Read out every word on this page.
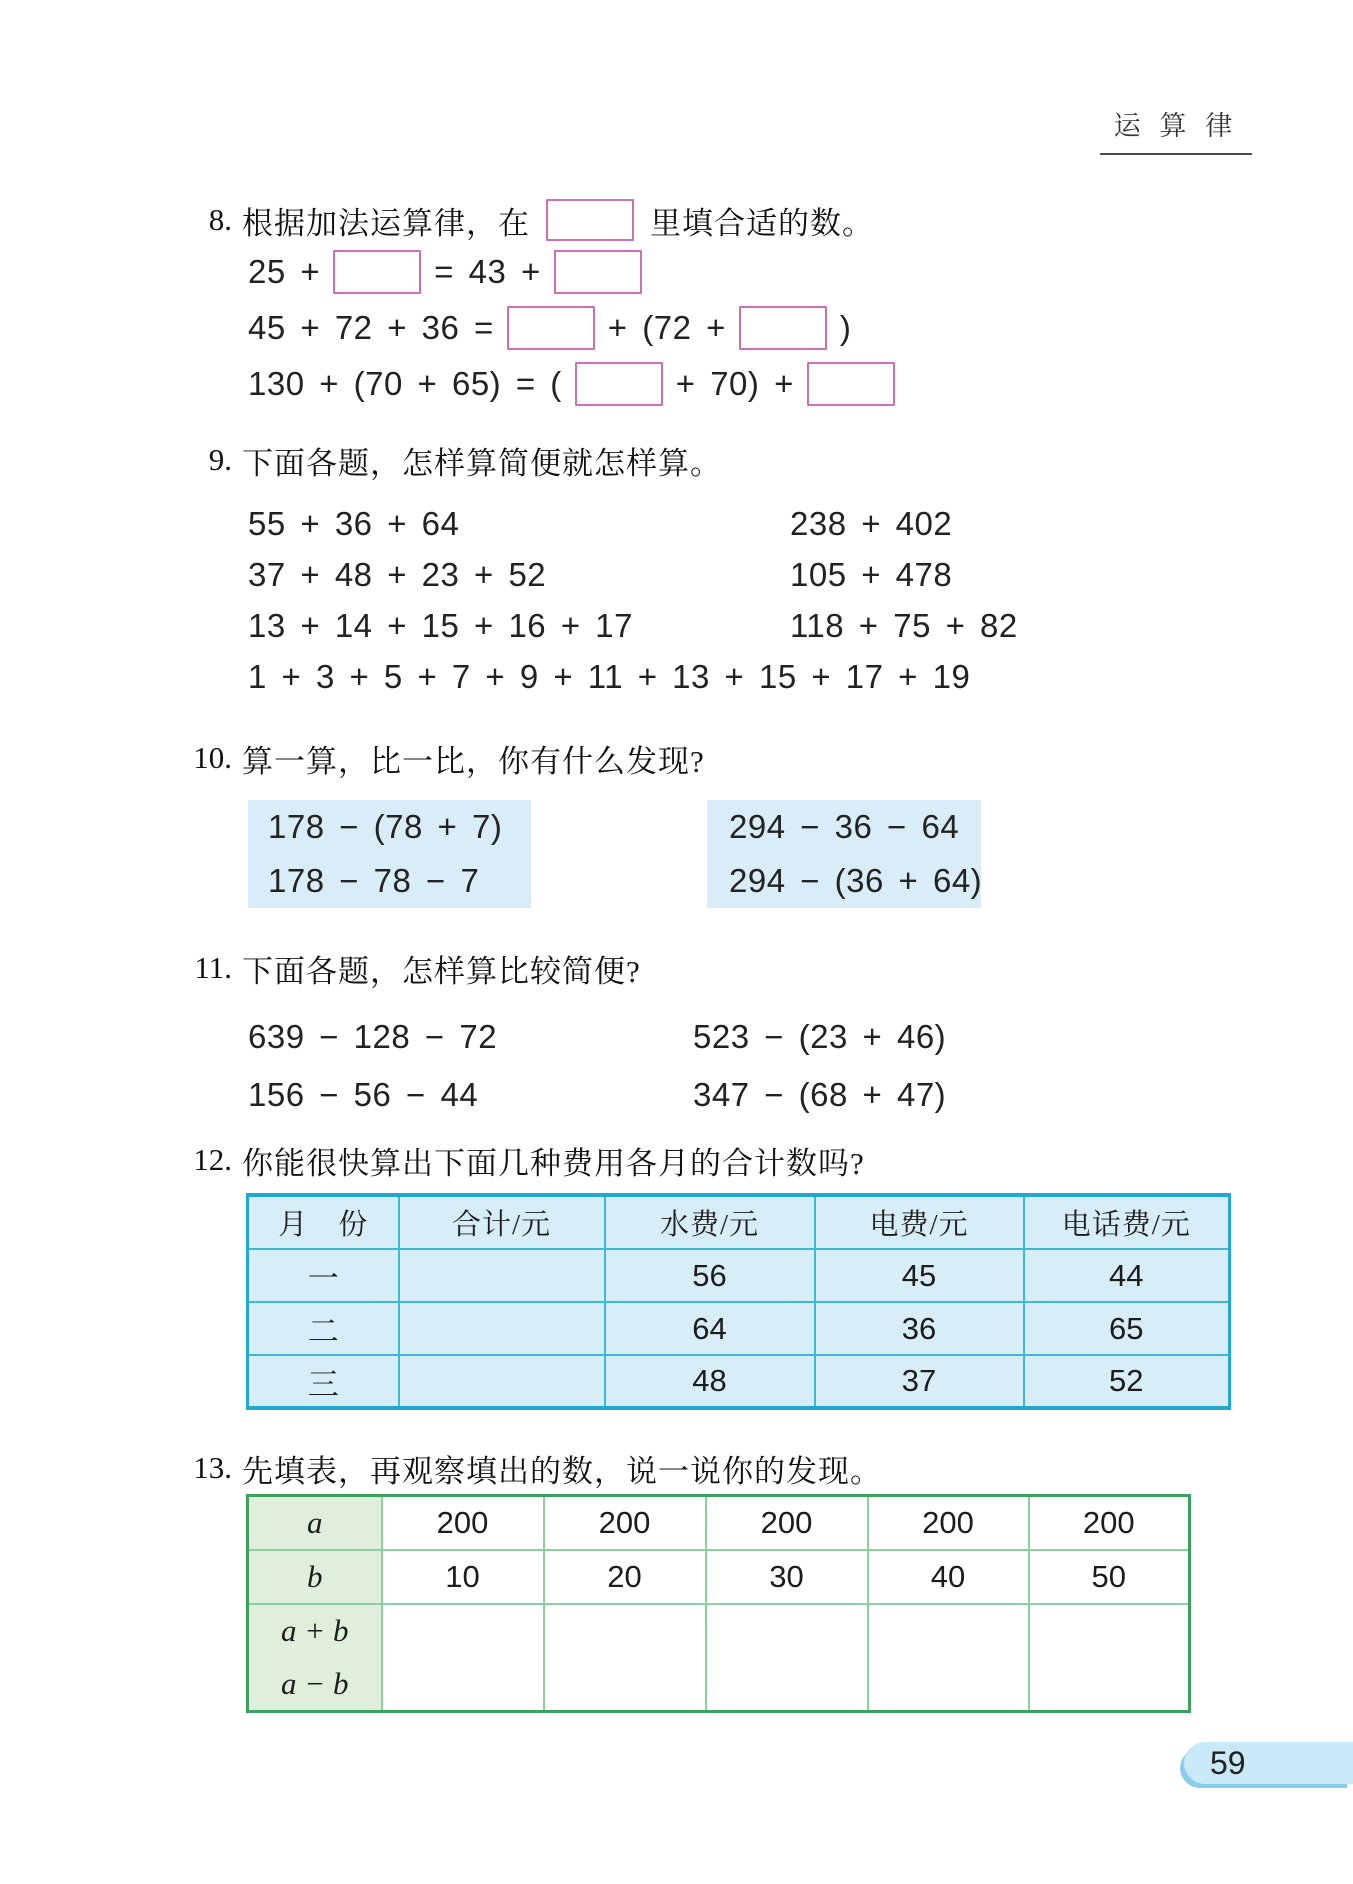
运 算 律
8. 根据加法运算律，在	里填合适的数。
25 +	= 43 +
45 + 72 + 36 =	+ (72 +	)
130 + (70 + 65) = (	+ 70) +
9. 下面各题，怎样算简便就怎样算。
55 + 36 + 64	238 + 402
37 + 48 + 23 + 52	105 + 478
13 + 14 + 15 + 16 + 17	118 + 75 + 82
1 + 3 + 5 + 7 + 9 + 11 + 13 + 15 + 17 + 19
10. 算一算，比一比，你有什么发现?
178 − (78 + 7)
178 − 78 − 7
294 − 36 − 64
294 − (36 + 64)
11. 下面各题，怎样算比较简便?
639 − 128 − 72	523 − (23 + 46)
156 − 56 − 44	347 − (68 + 47)
12. 你能很快算出下面几种费用各月的合计数吗?
月　份	合计/元	水费/元	电费/元	电话费/元
一		56	45	44
二		64	36	65
三		48	37	52
13. 先填表，再观察填出的数，说一说你的发现。
a	200	200	200	200	200
b	10	20	30	40	50
a + b					
a − b					
59
